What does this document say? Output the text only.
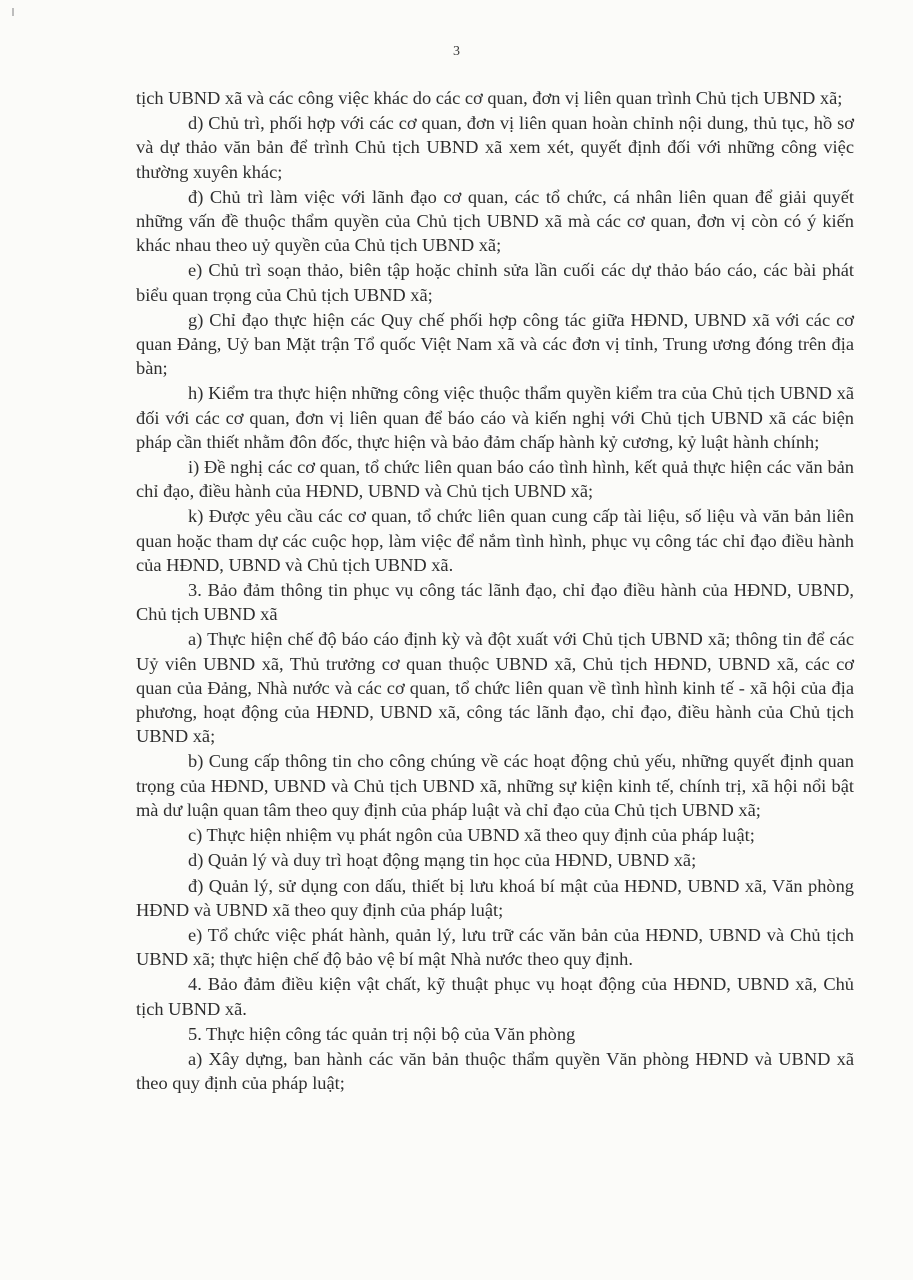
3

tịch UBND xã và các công việc khác do các cơ quan, đơn vị liên quan trình Chủ tịch UBND xã;

d) Chủ trì, phối hợp với các cơ quan, đơn vị liên quan hoàn chỉnh nội dung, thủ tục, hồ sơ và dự thảo văn bản để trình Chủ tịch UBND xã xem xét, quyết định đối với những công việc thường xuyên khác;

đ) Chủ trì làm việc với lãnh đạo cơ quan, các tổ chức, cá nhân liên quan để giải quyết những vấn đề thuộc thẩm quyền của Chủ tịch UBND xã mà các cơ quan, đơn vị còn có ý kiến khác nhau theo uỷ quyền của Chủ tịch UBND xã;

e) Chủ trì soạn thảo, biên tập hoặc chỉnh sửa lần cuối các dự thảo báo cáo, các bài phát biểu quan trọng của Chủ tịch UBND xã;

g) Chỉ đạo thực hiện các Quy chế phối hợp công tác giữa HĐND, UBND xã với các cơ quan Đảng, Uỷ ban Mặt trận Tổ quốc Việt Nam xã và các đơn vị tỉnh, Trung ương đóng trên địa bàn;

h) Kiểm tra thực hiện những công việc thuộc thẩm quyền kiểm tra của Chủ tịch UBND xã đối với các cơ quan, đơn vị liên quan để báo cáo và kiến nghị với Chủ tịch UBND xã các biện pháp cần thiết nhằm đôn đốc, thực hiện và bảo đảm chấp hành kỷ cương, kỷ luật hành chính;

i) Đề nghị các cơ quan, tổ chức liên quan báo cáo tình hình, kết quả thực hiện các văn bản chỉ đạo, điều hành của HĐND, UBND và Chủ tịch UBND xã;

k) Được yêu cầu các cơ quan, tổ chức liên quan cung cấp tài liệu, số liệu và văn bản liên quan hoặc tham dự các cuộc họp, làm việc để nắm tình hình, phục vụ công tác chỉ đạo điều hành của HĐND, UBND và Chủ tịch UBND xã.

3. Bảo đảm thông tin phục vụ công tác lãnh đạo, chỉ đạo điều hành của HĐND, UBND, Chủ tịch UBND xã

a) Thực hiện chế độ báo cáo định kỳ và đột xuất với Chủ tịch UBND xã; thông tin để các Uỷ viên UBND xã, Thủ trưởng cơ quan thuộc UBND xã, Chủ tịch HĐND, UBND xã, các cơ quan của Đảng, Nhà nước và các cơ quan, tổ chức liên quan về tình hình kinh tế - xã hội của địa phương, hoạt động của HĐND, UBND xã, công tác lãnh đạo, chỉ đạo, điều hành của Chủ tịch UBND xã;

b) Cung cấp thông tin cho công chúng về các hoạt động chủ yếu, những quyết định quan trọng của HĐND, UBND và Chủ tịch UBND xã, những sự kiện kinh tế, chính trị, xã hội nổi bật mà dư luận quan tâm theo quy định của pháp luật và chỉ đạo của Chủ tịch UBND xã;

c) Thực hiện nhiệm vụ phát ngôn của UBND xã theo quy định của pháp luật;

d) Quản lý và duy trì hoạt động mạng tin học của HĐND, UBND xã;

đ) Quản lý, sử dụng con dấu, thiết bị lưu khoá bí mật của HĐND, UBND xã, Văn phòng HĐND và UBND xã theo quy định của pháp luật;

e) Tổ chức việc phát hành, quản lý, lưu trữ các văn bản của HĐND, UBND và Chủ tịch UBND xã; thực hiện chế độ bảo vệ bí mật Nhà nước theo quy định.

4. Bảo đảm điều kiện vật chất, kỹ thuật phục vụ hoạt động của HĐND, UBND xã, Chủ tịch UBND xã.

5. Thực hiện công tác quản trị nội bộ của Văn phòng

a) Xây dựng, ban hành các văn bản thuộc thẩm quyền Văn phòng HĐND và UBND xã theo quy định của pháp luật;
